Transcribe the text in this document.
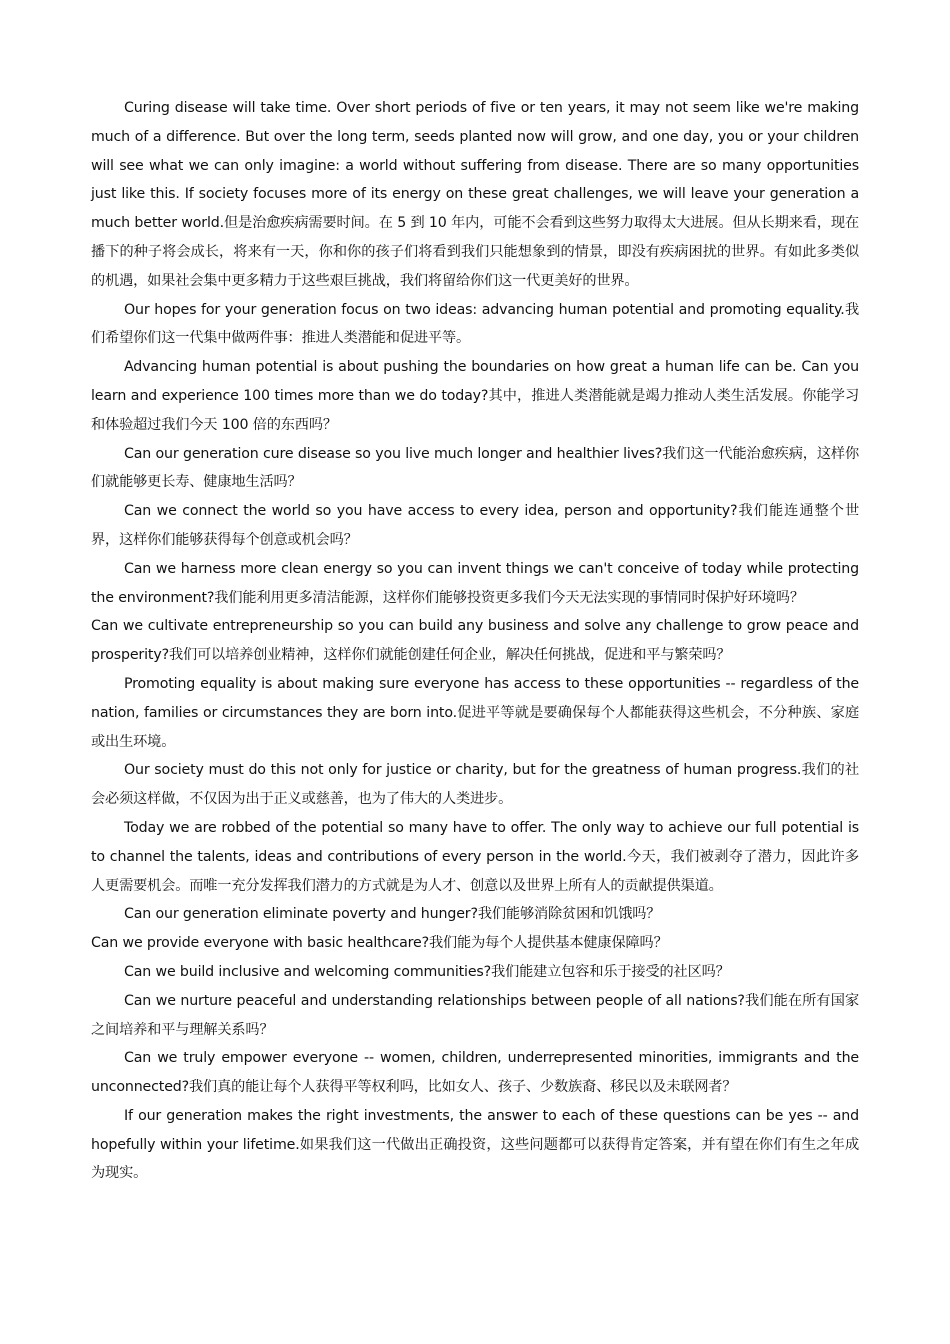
Curing disease will take time. Over short periods of five or ten years, it may not seem like we're making much of a difference. But over the long term, seeds planted now will grow, and one day, you or your children will see what we can only imagine: a world without suffering from disease. There are so many opportunities just like this. If society focuses more of its energy on these great challenges, we will leave your generation a much better world.但是治愈疾病需要时间。在 5 到 10 年内，可能不会看到这些努力取得太大进展。但从长期来看，现在播下的种子将会成长，将来有一天，你和你的孩子们将看到我们只能想象到的情景，即没有疾病困扰的世界。有如此多类似的机遇，如果社会集中更多精力于这些艰巨挑战，我们将留给你们这一代更美好的世界。

Our hopes for your generation focus on two ideas: advancing human potential and promoting equality.我们希望你们这一代集中做两件事：推进人类潜能和促进平等。

Advancing human potential is about pushing the boundaries on how great a human life can be. Can you learn and experience 100 times more than we do today?其中，推进人类潜能就是竭力推动人类生活发展。你能学习和体验超过我们今天 100 倍的东西吗？

Can our generation cure disease so you live much longer and healthier lives?我们这一代能治愈疾病，这样你们就能够更长寿、健康地生活吗？

Can we connect the world so you have access to every idea, person and opportunity?我们能连通整个世界，这样你们能够获得每个创意或机会吗？

Can we harness more clean energy so you can invent things we can't conceive of today while protecting the environment?我们能利用更多清洁能源，这样你们能够投资更多我们今天无法实现的事情同时保护好环境吗？

Can we cultivate entrepreneurship so you can build any business and solve any challenge to grow peace and prosperity?我们可以培养创业精神，这样你们就能创建任何企业，解决任何挑战，促进和平与繁荣吗？

Promoting equality is about making sure everyone has access to these opportunities -- regardless of the nation, families or circumstances they are born into.促进平等就是要确保每个人都能获得这些机会，不分种族、家庭或出生环境。

Our society must do this not only for justice or charity, but for the greatness of human progress.我们的社会必须这样做，不仅因为出于正义或慈善，也为了伟大的人类进步。

Today we are robbed of the potential so many have to offer. The only way to achieve our full potential is to channel the talents, ideas and contributions of every person in the world.今天，我们被剥夺了潜力，因此许多人更需要机会。而唯一充分发挥我们潜力的方式就是为人才、创意以及世界上所有人的贡献提供渠道。

Can our generation eliminate poverty and hunger?我们能够消除贫困和饥饿吗？

Can we provide everyone with basic healthcare?我们能为每个人提供基本健康保障吗？

Can we build inclusive and welcoming communities?我们能建立包容和乐于接受的社区吗？

Can we nurture peaceful and understanding relationships between people of all nations?我们能在所有国家之间培养和平与理解关系吗？

Can we truly empower everyone -- women, children, underrepresented minorities, immigrants and the unconnected?我们真的能让每个人获得平等权利吗，比如女人、孩子、少数族裔、移民以及未联网者？

If our generation makes the right investments, the answer to each of these questions can be yes -- and hopefully within your lifetime.如果我们这一代做出正确投资，这些问题都可以获得肯定答案，并有望在你们有生之年成为现实。
